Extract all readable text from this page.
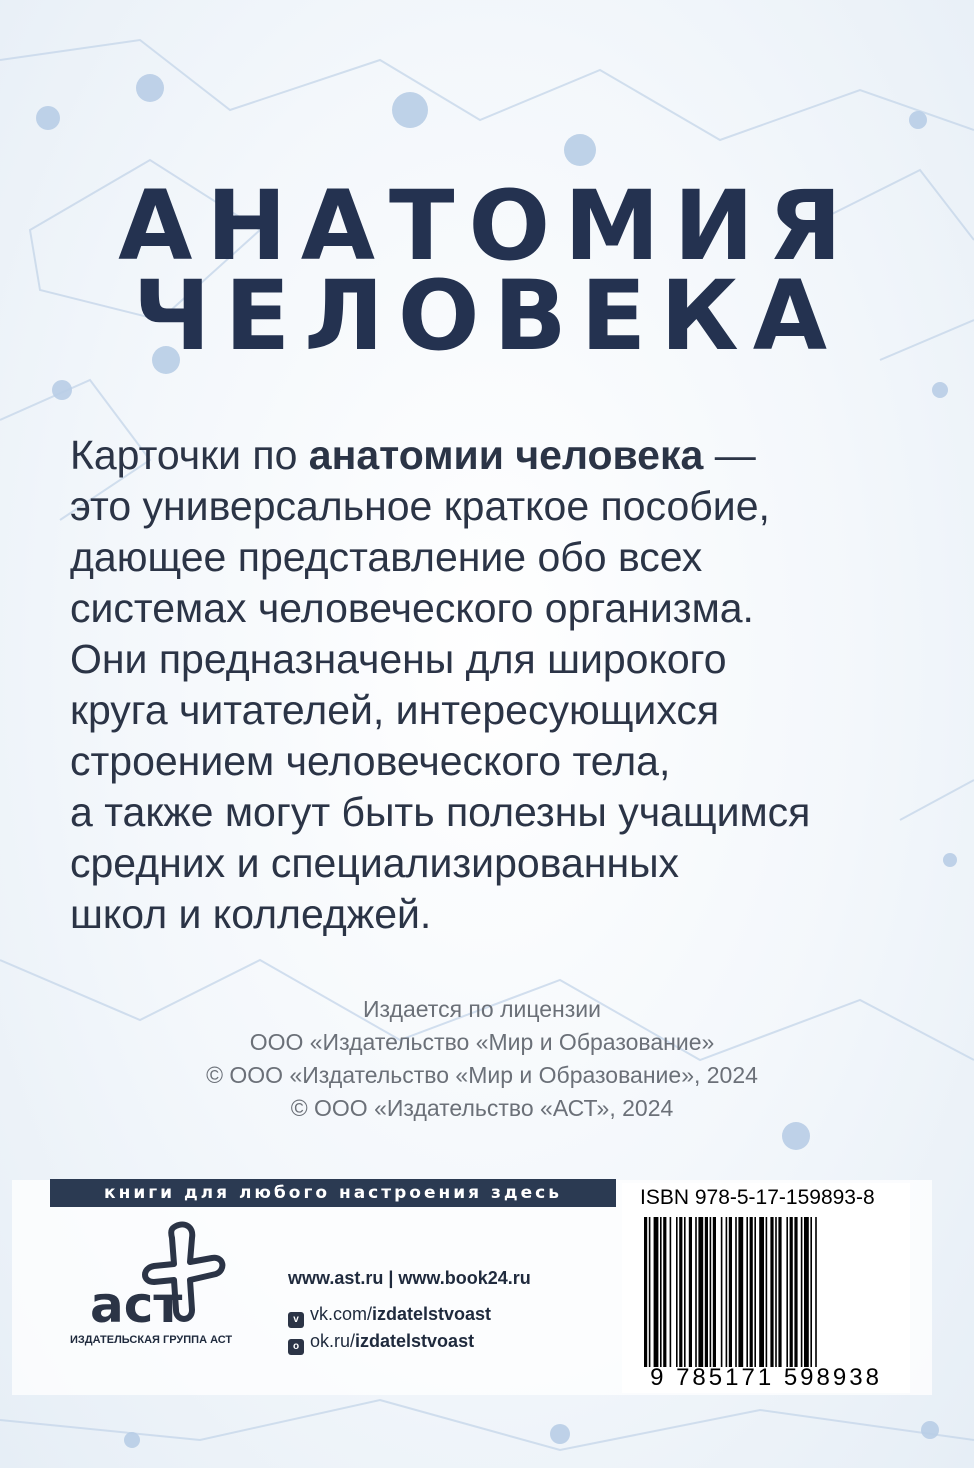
АНАТОМИЯ
ЧЕЛОВЕКА
Карточки по анатомии человека —
это универсальное краткое пособие,
дающее представление обо всех
системах человеческого организма.
Они предназначены для широкого
круга читателей, интересующихся
строением человеческого тела,
а также могут быть полезны учащимся
средних и специализированных
школ и колледжей.
Издается по лицензии
ООО «Издательство «Мир и Образование»
© ООО «Издательство «Мир и Образование», 2024
© ООО «Издательство «АСТ», 2024
книги для любого настроения здесь
аст
ИЗДАТЕЛЬСКАЯ ГРУППА АСТ
www.ast.ru | www.book24.ru
v vk.com/izdatelstvoast
o ok.ru/izdatelstvoast
ISBN 978-5-17-159893-8
9 785171 598938
